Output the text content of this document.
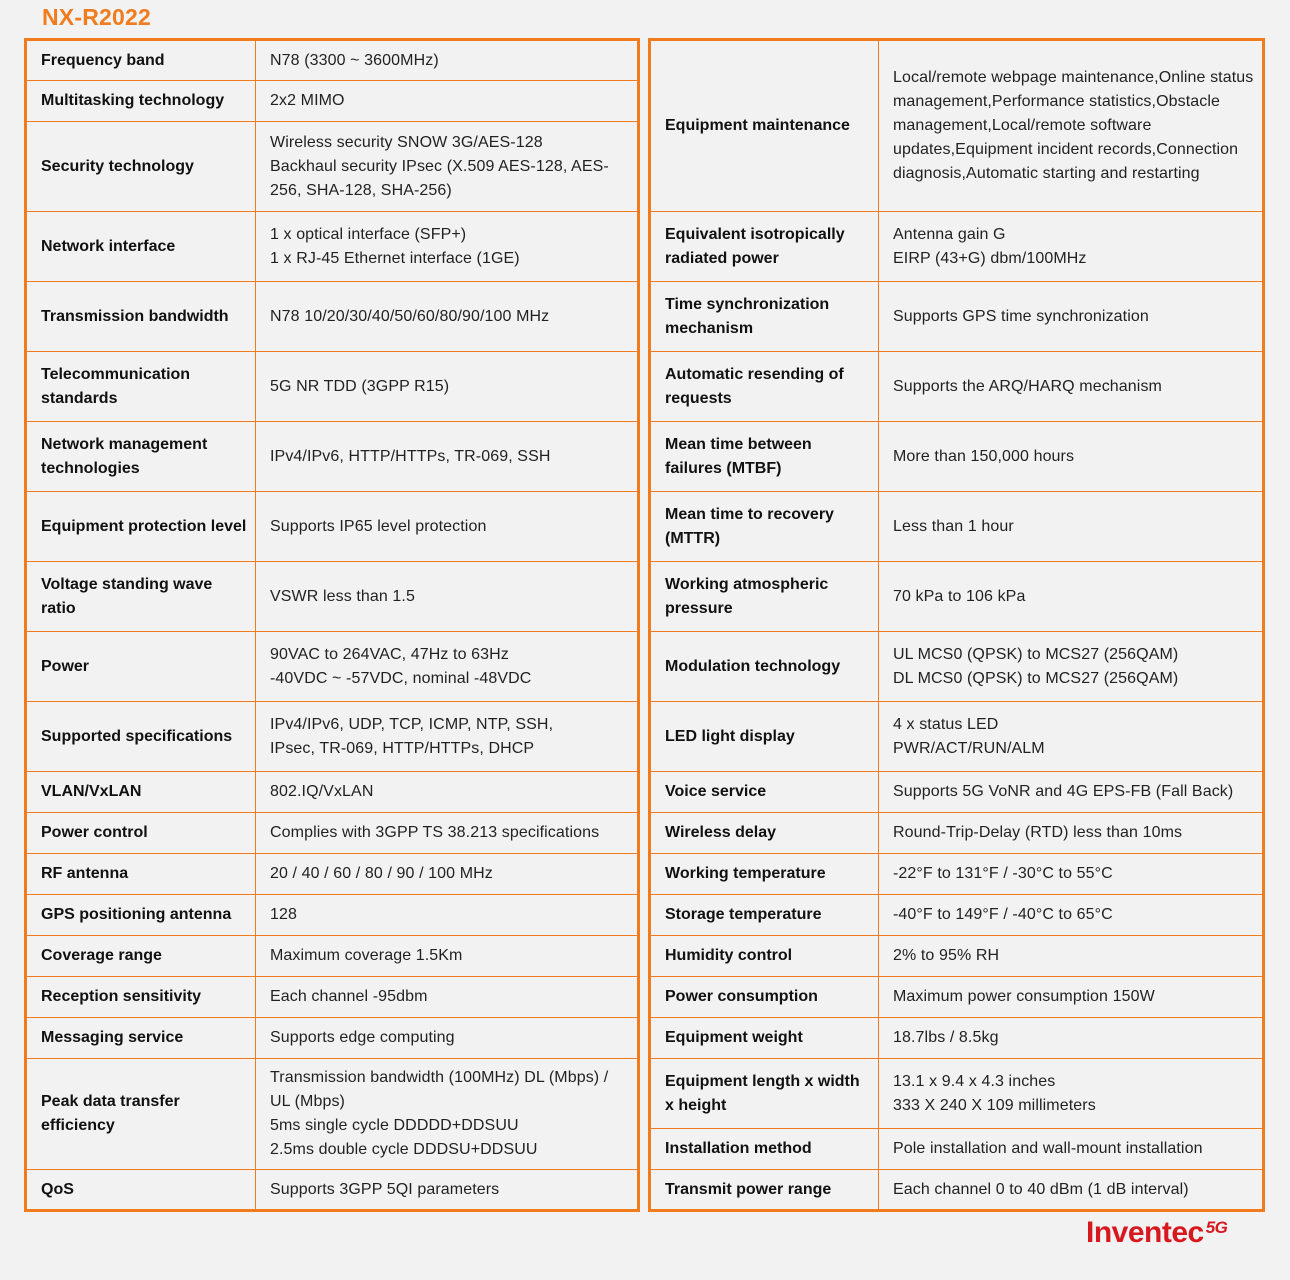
NX-R2022
Frequency band	N78 (3300 ~ 3600MHz)

Multitasking technology	2x2 MIMO

Security technology	Wireless security SNOW 3G/AES-128
Backhaul security IPsec (X.509 AES-128, AES-256, SHA-128, SHA-256)

Network interface	1 x optical interface (SFP+)
1 x RJ-45 Ethernet interface (1GE)

Transmission bandwidth	N78 10/20/30/40/50/60/80/90/100 MHz

Telecommunication standards	5G NR TDD (3GPP R15)

Network management technologies	IPv4/IPv6, HTTP/HTTPs, TR-069, SSH

Equipment protection level	Supports IP65 level protection

Voltage standing wave ratio	VSWR less than 1.5

Power	90VAC to 264VAC, 47Hz to 63Hz
-40VDC ~ -57VDC, nominal -48VDC

Supported specifications	IPv4/IPv6, UDP, TCP, ICMP, NTP, SSH,
IPsec, TR-069, HTTP/HTTPs, DHCP

VLAN/VxLAN	802.IQ/VxLAN

Power control	Complies with 3GPP TS 38.213 specifications

RF antenna	20 / 40 / 60 / 80 / 90 / 100 MHz

GPS positioning antenna	128

Coverage range	Maximum coverage 1.5Km

Reception sensitivity	Each channel -95dbm

Messaging service	Supports edge computing

Peak data transfer efficiency	Transmission bandwidth (100MHz) DL (Mbps) / UL (Mbps)
5ms single cycle DDDDD+DDSUU
2.5ms double cycle DDDSU+DDSUU

QoS	Supports 3GPP 5QI parameters
Equipment maintenance	Local/remote webpage maintenance,Online status management,Performance statistics,Obstacle management,Local/remote software updates,Equipment incident records,Connection diagnosis,Automatic starting and restarting

Equivalent isotropically radiated power	Antenna gain G
EIRP (43+G) dbm/100MHz

Time synchronization mechanism	Supports GPS time synchronization

Automatic resending of requests	Supports the ARQ/HARQ mechanism

Mean time between failures (MTBF)	More than 150,000 hours

Mean time to recovery (MTTR)	Less than 1 hour

Working atmospheric pressure	70 kPa to 106 kPa

Modulation technology	UL MCS0 (QPSK) to MCS27 (256QAM)
DL MCS0 (QPSK) to MCS27 (256QAM)

LED light display	4 x status LED
PWR/ACT/RUN/ALM

Voice service	Supports 5G VoNR and 4G EPS-FB (Fall Back)

Wireless delay	Round-Trip-Delay (RTD) less than 10ms

Working temperature	-22°F to 131°F / -30°C to 55°C

Storage temperature	-40°F to 149°F / -40°C to 65°C

Humidity control	2% to 95% RH

Power consumption	Maximum power consumption 150W

Equipment weight	18.7lbs / 8.5kg

Equipment length x width x height	13.1 x 9.4 x 4.3 inches
333 X 240 X 109 millimeters

Installation method	Pole installation and wall-mount installation

Transmit power range	Each channel 0 to 40 dBm (1 dB interval)
Inventec $^{5G}$
